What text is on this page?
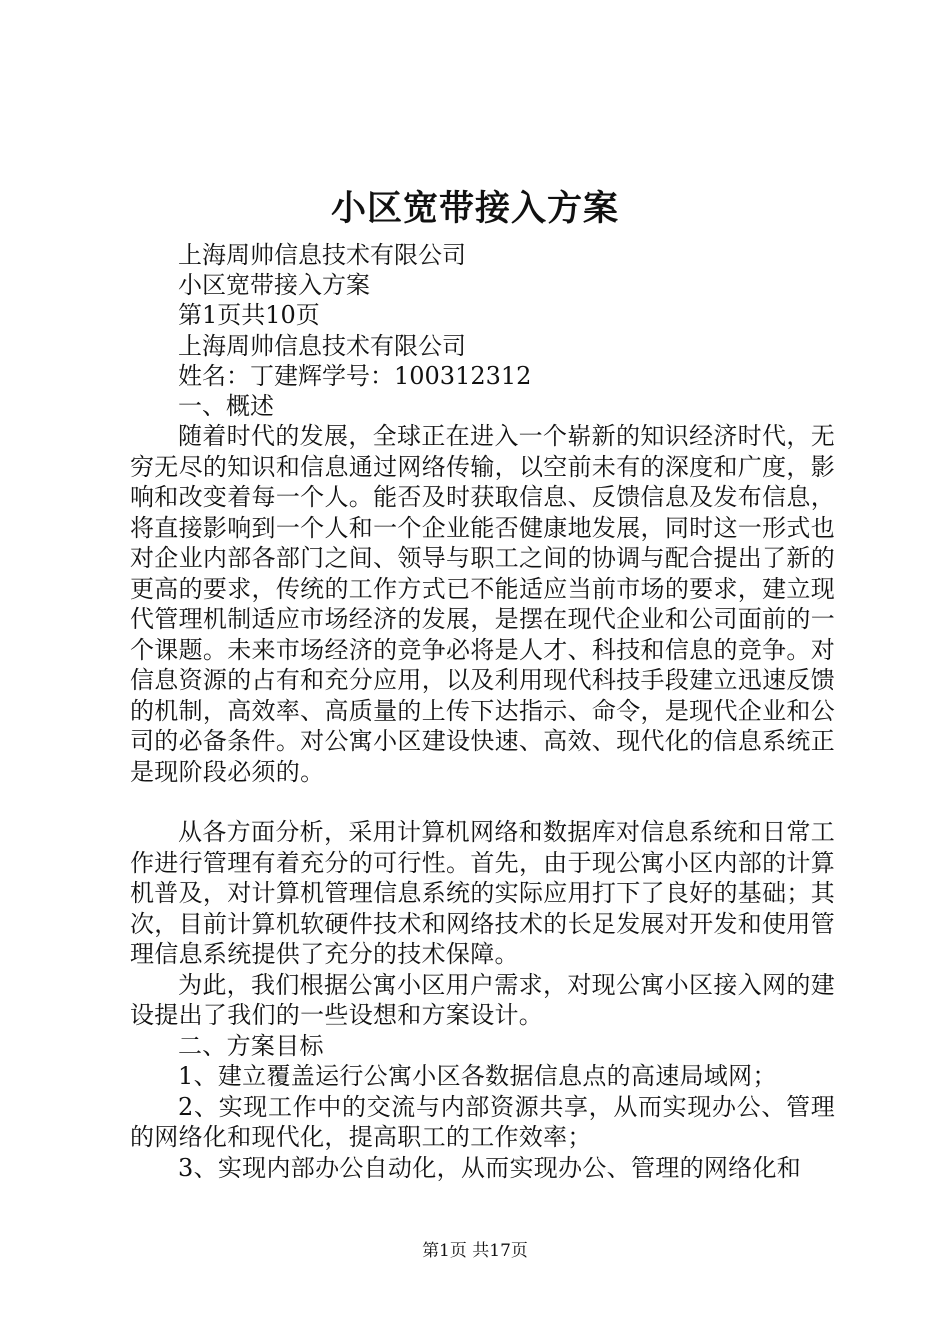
小区宽带接入方案
上海周帅信息技术有限公司
小区宽带接入方案
第1页共10页
上海周帅信息技术有限公司
姓名：丁建辉学号：100312312
一、概述

随着时代的发展，全球正在进入一个崭新的知识经济时代，无穷无尽的知识和信息通过网络传输，以空前未有的深度和广度，影响和改变着每一个人。能否及时获取信息、反馈信息及发布信息，将直接影响到一个人和一个企业能否健康地发展，同时这一形式也对企业内部各部门之间、领导与职工之间的协调与配合提出了新的更高的要求，传统的工作方式已不能适应当前市场的要求，建立现代管理机制适应市场经济的发展，是摆在现代企业和公司面前的一个课题。未来市场经济的竞争必将是人才、科技和信息的竞争。对信息资源的占有和充分应用，以及利用现代科技手段建立迅速反馈的机制，高效率、高质量的上传下达指示、命令，是现代企业和公司的必备条件。对公寓小区建设快速、高效、现代化的信息系统正是现阶段必须的。

从各方面分析，采用计算机网络和数据库对信息系统和日常工作进行管理有着充分的可行性。首先，由于现公寓小区内部的计算机普及，对计算机管理信息系统的实际应用打下了良好的基础；其次，目前计算机软硬件技术和网络技术的长足发展对开发和使用管理信息系统提供了充分的技术保障。

为此，我们根据公寓小区用户需求，对现公寓小区接入网的建设提出了我们的一些设想和方案设计。

二、方案目标

1、建立覆盖运行公寓小区各数据信息点的高速局域网；

2、实现工作中的交流与内部资源共享，从而实现办公、管理的网络化和现代化，提高职工的工作效率；

3、实现内部办公自动化，从而实现办公、管理的网络化和

第1页 共17页
